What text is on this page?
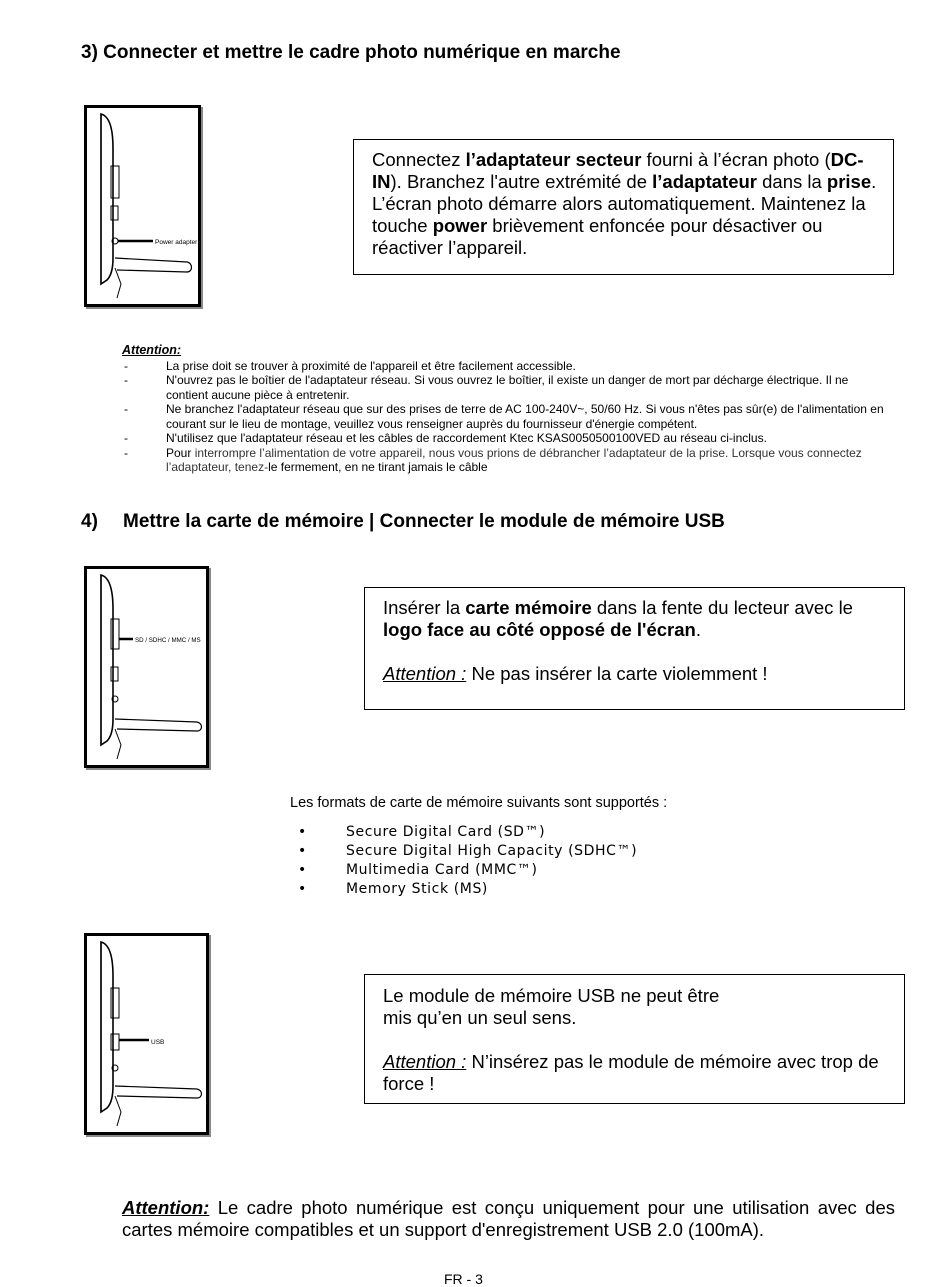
3) Connecter et mettre le cadre photo numérique en marche
Power adapter
Connectez l’adaptateur secteur fourni à l’écran photo (DC-IN). Branchez l'autre extrémité de l’adaptateur dans la prise. L’écran photo démarre alors automatiquement. Maintenez la touche power brièvement enfoncée pour désactiver ou réactiver l’appareil.
Attention:
-	La prise doit se trouver à proximité de l'appareil et être facilement accessible.
-	N'ouvrez pas le boîtier de l'adaptateur réseau. Si vous ouvrez le boîtier, il existe un danger de mort par décharge électrique. Il ne contient aucune pièce à entretenir.
-	Ne branchez l'adaptateur réseau que sur des prises de terre de AC 100-240V~, 50/60 Hz. Si vous n'êtes pas sûr(e) de l'alimentation en courant sur le lieu de montage, veuillez vous renseigner auprès du fournisseur d'énergie compétent.
-	N'utilisez que l'adaptateur réseau et les câbles de raccordement Ktec KSAS0050500100VED au réseau ci-inclus.
-	Pour interrompre l’alimentation de votre appareil, nous vous prions de débrancher l’adaptateur de la prise. Lorsque vous connectez l’adaptateur, tenez-le fermement, en ne tirant jamais le câble
4) Mettre la carte de mémoire | Connecter le module de mémoire USB
SD / SDHC / MMC / MS
Insérer la carte mémoire dans la fente du lecteur avec le logo face au côté opposé de l'écran.
Attention : Ne pas insérer la carte violemment !
Les formats de carte de mémoire suivants sont supportés :
•	Secure Digital Card (SD™)
•	Secure Digital High Capacity (SDHC™)
•	Multimedia Card (MMC™)
•	Memory Stick (MS)
USB
Le module de mémoire USB ne peut être
mis qu’en un seul sens.
Attention : N’insérez pas le module de mémoire avec trop de force !
Attention: Le cadre photo numérique est conçu uniquement pour une utilisation avec des cartes mémoire compatibles et un support d'enregistrement USB 2.0 (100mA).
FR - 3
